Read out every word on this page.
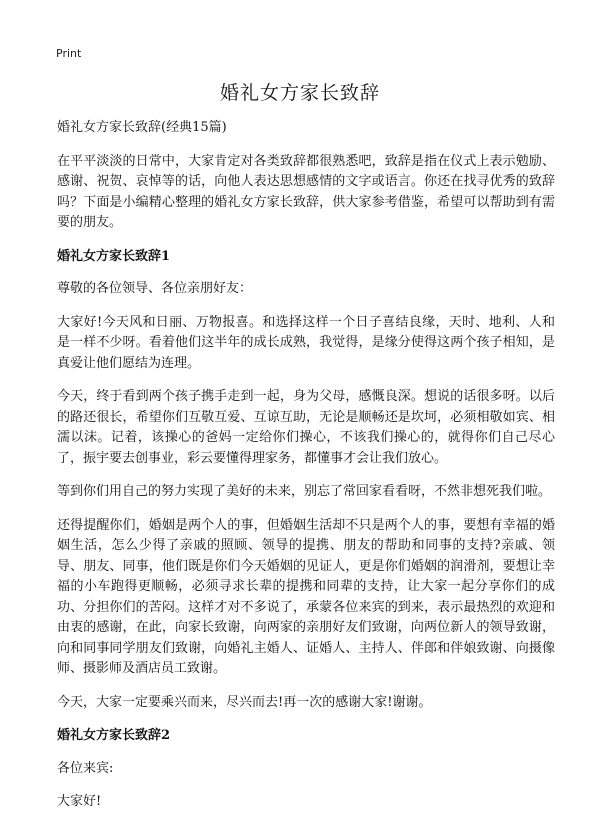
Print
婚礼女方家长致辞

婚礼女方家长致辞(经典15篇)

在平平淡淡的日常中，大家肯定对各类致辞都很熟悉吧，致辞是指在仪式上表示勉励、感谢、祝贺、哀悼等的话，向他人表达思想感情的文字或语言。你还在找寻优秀的致辞吗？下面是小编精心整理的婚礼女方家长致辞，供大家参考借鉴，希望可以帮助到有需要的朋友。

婚礼女方家长致辞1

尊敬的各位领导、各位亲朋好友：

大家好!今天风和日丽、万物报喜。和选择这样一个日子喜结良缘，天时、地利、人和是一样不少呀。看着他们这半年的成长成熟，我觉得，是缘分使得这两个孩子相知，是真爱让他们愿结为连理。

今天，终于看到两个孩子携手走到一起，身为父母，感慨良深。想说的话很多呀。以后的路还很长，希望你们互敬互爱、互谅互助，无论是顺畅还是坎坷，必须相敬如宾、相濡以沫。记着，该操心的爸妈一定给你们操心，不该我们操心的，就得你们自己尽心了，振宇要去创事业，彩云要懂得理家务，都懂事才会让我们放心。

等到你们用自己的努力实现了美好的未来，别忘了常回家看看呀，不然非想死我们啦。

还得提醒你们，婚姻是两个人的事，但婚姻生活却不只是两个人的事，要想有幸福的婚姻生活，怎么少得了亲戚的照顾、领导的提携、朋友的帮助和同事的支持?亲戚、领导、朋友、同事，他们既是你们今天婚姻的见证人，更是你们婚姻的润滑剂，要想让幸福的小车跑得更顺畅，必须寻求长辈的提携和同辈的支持，让大家一起分享你们的成功、分担你们的苦闷。这样才对不多说了，承蒙各位来宾的到来，表示最热烈的欢迎和由衷的感谢，在此，向家长致谢，向两家的亲朋好友们致谢，向两位新人的领导致谢，向和同事同学朋友们致谢，向婚礼主婚人、证婚人、主持人、伴郎和伴娘致谢、向摄像师、摄影师及酒店员工致谢。

今天，大家一定要乘兴而来，尽兴而去!再一次的感谢大家!谢谢。

婚礼女方家长致辞2

各位来宾:

大家好!
